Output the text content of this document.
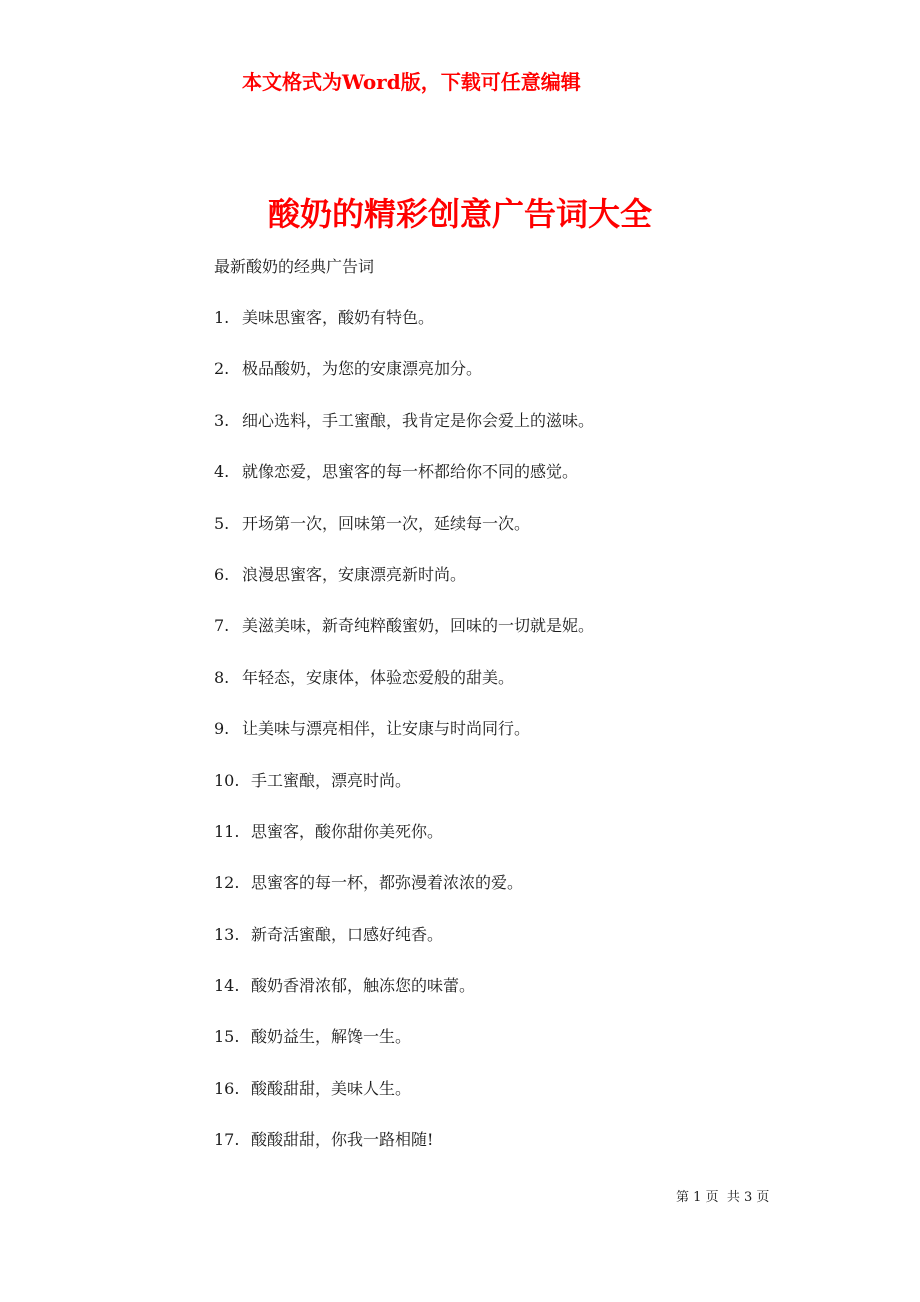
本文格式为Word版，下载可任意编辑
酸奶的精彩创意广告词大全
最新酸奶的经典广告词
1. 美味思蜜客，酸奶有特色。
2. 极品酸奶，为您的安康漂亮加分。
3. 细心选料，手工蜜酿，我肯定是你会爱上的滋味。
4. 就像恋爱，思蜜客的每一杯都给你不同的感觉。
5. 开场第一次，回味第一次，延续每一次。
6. 浪漫思蜜客，安康漂亮新时尚。
7. 美滋美味，新奇纯粹酸蜜奶，回味的一切就是妮。
8. 年轻态，安康体，体验恋爱般的甜美。
9. 让美味与漂亮相伴，让安康与时尚同行。
10. 手工蜜酿，漂亮时尚。
11. 思蜜客，酸你甜你美死你。
12. 思蜜客的每一杯，都弥漫着浓浓的爱。
13. 新奇活蜜酿，口感好纯香。
14. 酸奶香滑浓郁，触冻您的味蕾。
15. 酸奶益生，解馋一生。
16. 酸酸甜甜，美味人生。
17. 酸酸甜甜，你我一路相随!
第 1 页  共 3 页
